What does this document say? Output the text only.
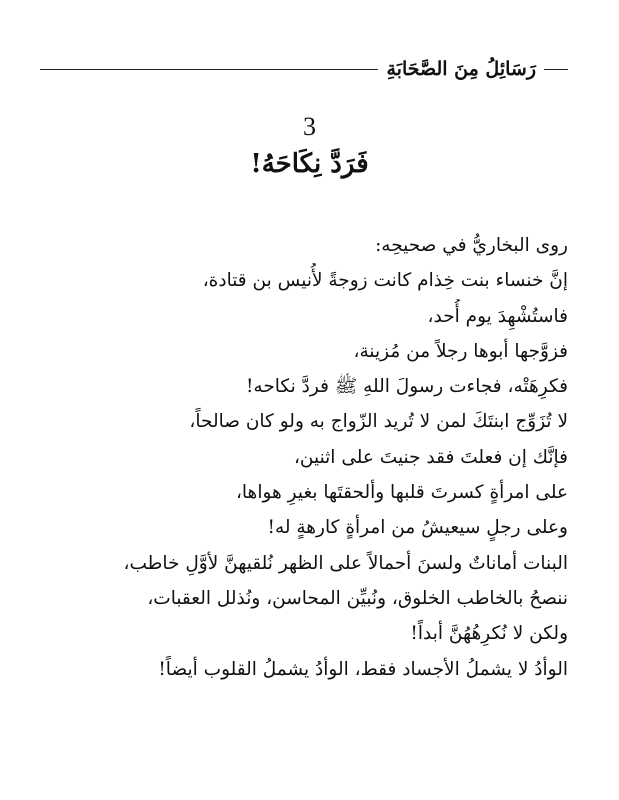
رَسَائِلُ مِنَ الصَّحَابَةِ
3
فَرَدَّ نِكَاحَهُ!
روى البخاريُّ في صحيحِه:
إنَّ خنساء بنت خِذام كانت زوجةً لأُنيس بن قتادة،
فاستُشْهِدَ يوم أُحد،
فزوَّجها أبوها رجلاً من مُزينة،
فكرِهَتْه، فجاءت رسولَ اللهِ ﷺ فردَّ نكاحه!
لا تُزَوِّج ابنتَكَ لمن لا تُريد الزّواج به ولو كان صالحاً،
فإنَّك إن فعلتَ فقد جنيتَ على اثنين،
على امرأةٍ كسرتَ قلبها وألحقتَها بغيرِ هواها،
وعلى رجلٍ سيعيشُ من امرأةٍ كارهةٍ له!
البنات أماناتٌ ولسنَ أحمالاً على الظهر نُلقيهنَّ لأوَّلِ خاطب،
ننصحُ بالخاطب الخلوق، ونُبيِّن المحاسن، ونُذلل العقبات،
ولكن لا نُكرِهُهُنَّ أبداً!
الوأدُ لا يشملُ الأجساد فقط، الوأدُ يشملُ القلوب أيضاً!
